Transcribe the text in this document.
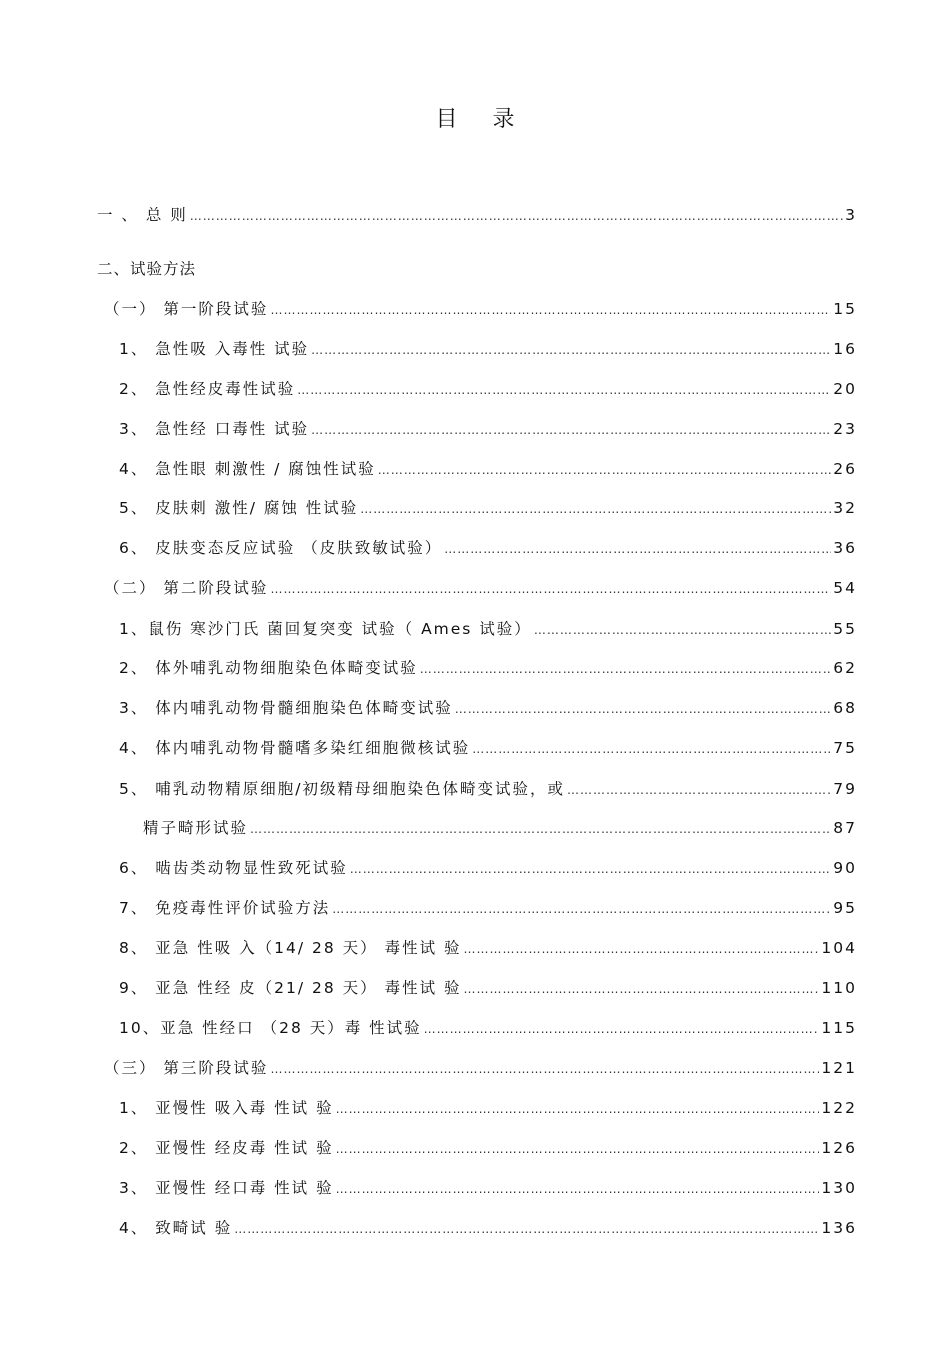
目 录
一 、 总 则 ……………………………………………………………………………………………………………………………………………………………………………………………………………	3
二、试验方法
（一） 第一阶段试验 ……………………………………………………………………………………………………………………………………………………………………………………………………………	15
1、 急性吸 入毒性 试验 ……………………………………………………………………………………………………………………………………………………………………………………………………………	16
2、 急性经皮毒性试验 ……………………………………………………………………………………………………………………………………………………………………………………………………………	20
3、 急性经 口毒性 试验 ……………………………………………………………………………………………………………………………………………………………………………………………………………	23
4、 急性眼 刺激性 / 腐蚀性试验 ……………………………………………………………………………………………………………………………………………………………………………………………………………	26
5、 皮肤刺 激性/ 腐蚀 性试验 ……………………………………………………………………………………………………………………………………………………………………………………………………………	32
6、 皮肤变态反应试验 （皮肤致敏试验） ……………………………………………………………………………………………………………………………………………………………………………………………………………	36
（二） 第二阶段试验 ……………………………………………………………………………………………………………………………………………………………………………………………………………	54
1、鼠伤 寒沙门氏 菌回复突变 试验（ Ames 试验） ……………………………………………………………………………………………………………………………………………………………………………………………………………	55
2、 体外哺乳动物细胞染色体畸变试验 ……………………………………………………………………………………………………………………………………………………………………………………………………………	62
3、 体内哺乳动物骨髓细胞染色体畸变试验 ……………………………………………………………………………………………………………………………………………………………………………………………………………	68
4、 体内哺乳动物骨髓嗜多染红细胞微核试验 ……………………………………………………………………………………………………………………………………………………………………………………………………………	75
5、 哺乳动物精原细胞/初级精母细胞染色体畸变试验，或 ……………………………………………………………………………………………………………………………………………………………………………………………………………	79
精子畸形试验 ……………………………………………………………………………………………………………………………………………………………………………………………………………	87
6、 啮齿类动物显性致死试验 ……………………………………………………………………………………………………………………………………………………………………………………………………………	90
7、 免疫毒性评价试验方法 ……………………………………………………………………………………………………………………………………………………………………………………………………………	95
8、 亚急 性吸 入（14/ 28 天） 毒性试 验 ……………………………………………………………………………………………………………………………………………………………………………………………………………	104
9、 亚急 性经 皮（21/ 28 天） 毒性试 验 ……………………………………………………………………………………………………………………………………………………………………………………………………………	110
10、亚急 性经口 （28 天）毒 性试验 ……………………………………………………………………………………………………………………………………………………………………………………………………………	115
（三） 第三阶段试验 ……………………………………………………………………………………………………………………………………………………………………………………………………………	121
1、 亚慢性 吸入毒 性试 验 ……………………………………………………………………………………………………………………………………………………………………………………………………………	122
2、 亚慢性 经皮毒 性试 验 ……………………………………………………………………………………………………………………………………………………………………………………………………………	126
3、 亚慢性 经口毒 性试 验 ……………………………………………………………………………………………………………………………………………………………………………………………………………	130
4、 致畸试 验 ……………………………………………………………………………………………………………………………………………………………………………………………………………	136
